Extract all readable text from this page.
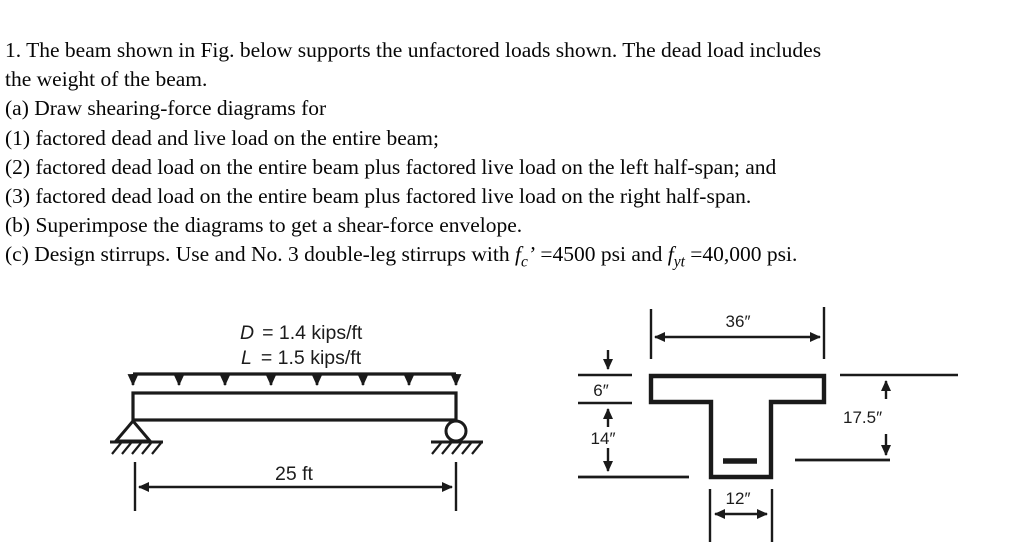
1. The beam shown in Fig. below supports the unfactored loads shown. The dead load includes
the weight of the beam.
(a) Draw shearing-force diagrams for
(1) factored dead and live load on the entire beam;
(2) factored dead load on the entire beam plus factored live load on the left half-span; and
(3) factored dead load on the entire beam plus factored live load on the right half-span.
(b) Superimpose the diagrams to get a shear-force envelope.
(c) Design stirrups. Use and No. 3 double-leg stirrups with $f_c$’ =4500 psi and $f_{yt} =40,000$ psi.
D = 1.4 kips/ft
L = 1.5 kips/ft
25 ft
36″
6″
14″
17.5″
12″
